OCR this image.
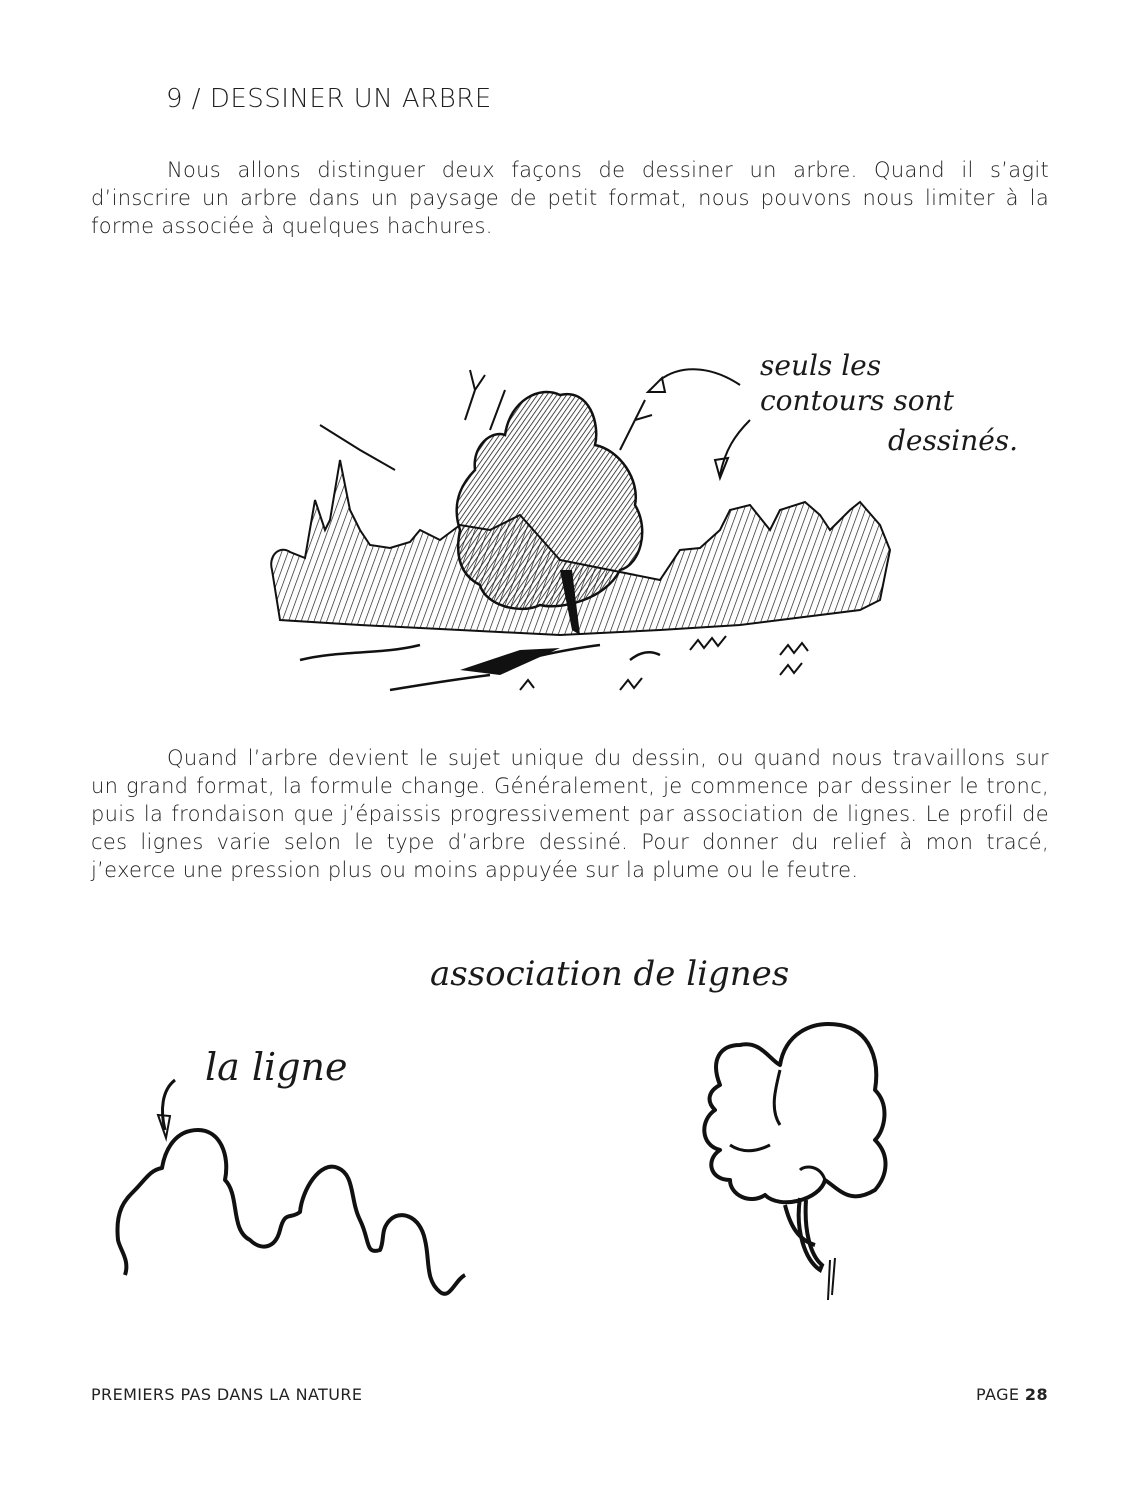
9 / DESSINER UN ARBRE

Nous allons distinguer deux façons de dessiner un arbre. Quand il s’agit d’inscrire un arbre dans un paysage de petit format, nous pouvons nous limiter à la forme associée à quelques hachures.

seuls les
contours sont
dessinés.

Quand l’arbre devient le sujet unique du dessin, ou quand nous travaillons sur un grand format, la formule change. Généralement, je commence par dessiner le tronc, puis la frondaison que j’épaissis progressivement par association de lignes. Le profil de ces lignes varie selon le type d’arbre dessiné. Pour donner du relief à mon tracé, j’exerce une pression plus ou moins appuyée sur la plume ou le feutre.

association de lignes
la ligne
PREMIERS PAS DANS LA NATURE	PAGE 28
